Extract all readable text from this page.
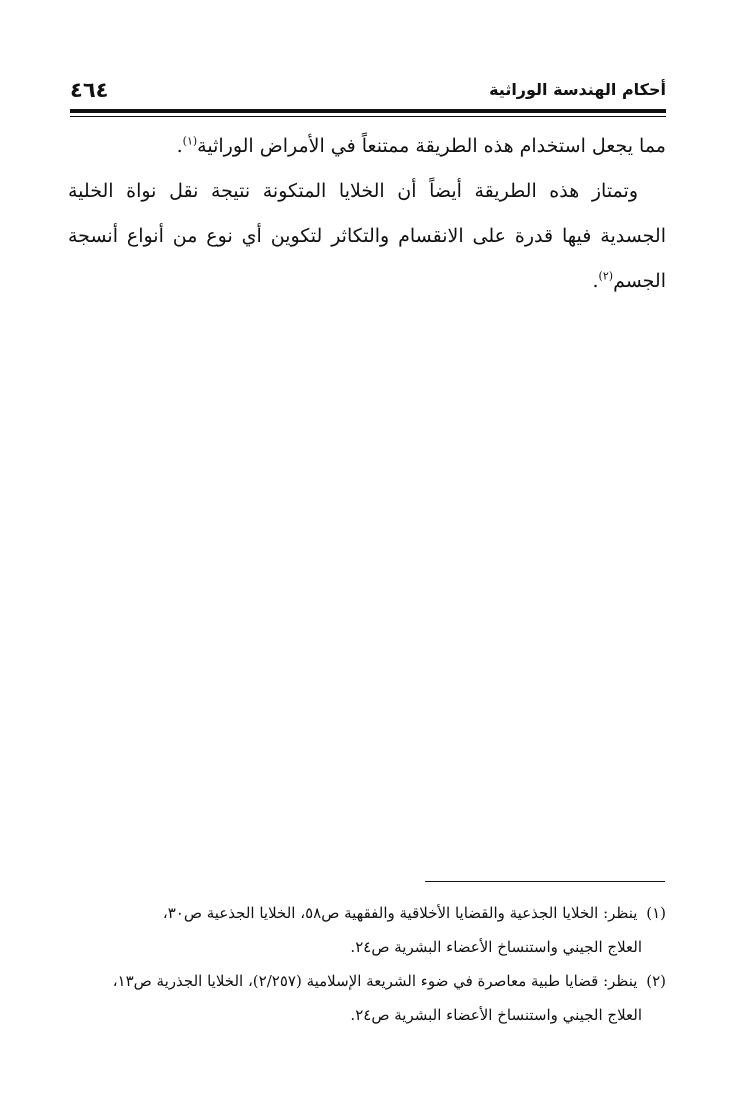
٤٦٤	أحكام الهندسة الوراثية

مما يجعل استخدام هذه الطريقة ممتنعاً في الأمراض الوراثية$^{(١)}$.

وتمتاز هذه الطريقة أيضاً أن الخلايا المتكونة نتيجة نقل نواة الخلية الجسدية فيها قدرة على الانقسام والتكاثر لتكوين أي نوع من أنواع أنسجة الجسم$^{(٢)}$.

(١) ينظر: الخلايا الجذعية والقضايا الأخلاقية والفقهية ص٥٨، الخلايا الجذعية ص٣٠،

العلاج الجيني واستنساخ الأعضاء البشرية ص٢٤.

(٢) ينظر: قضايا طبية معاصرة في ضوء الشريعة الإسلامية (٢/٢٥٧)، الخلايا الجذرية ص١٣،

العلاج الجيني واستنساخ الأعضاء البشرية ص٢٤.
